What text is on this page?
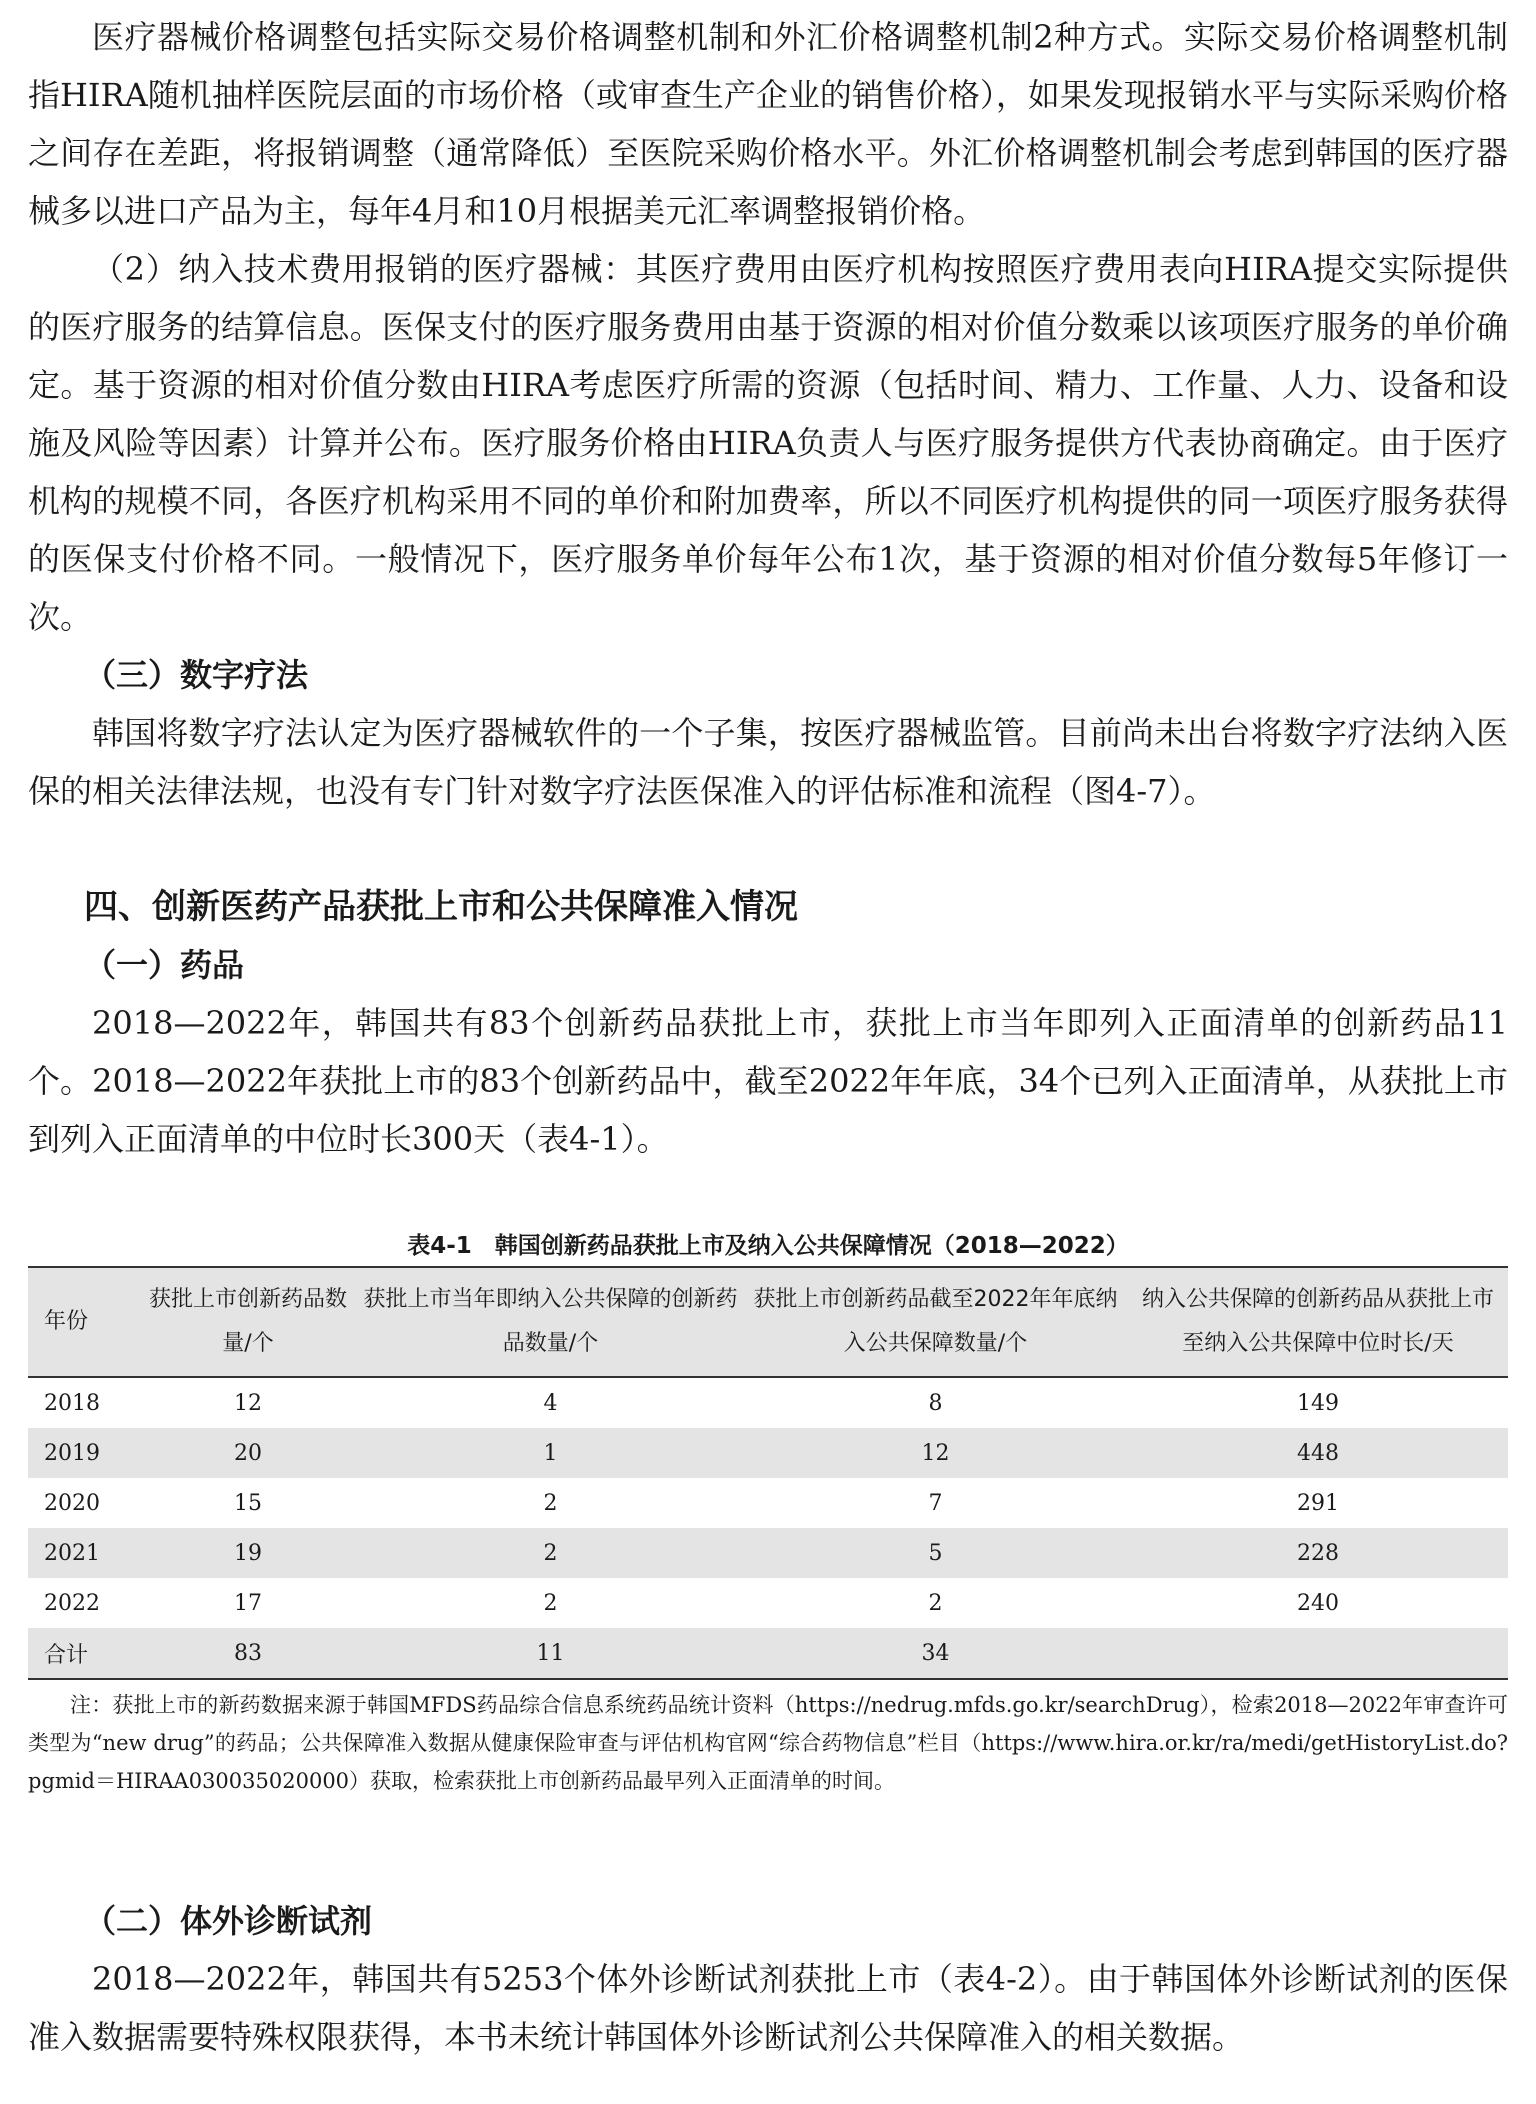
医疗器械价格调整包括实际交易价格调整机制和外汇价格调整机制2种方式。实际交易价格调整机制指HIRA随机抽样医院层面的市场价格（或审查生产企业的销售价格），如果发现报销水平与实际采购价格之间存在差距，将报销调整（通常降低）至医院采购价格水平。外汇价格调整机制会考虑到韩国的医疗器械多以进口产品为主，每年4月和10月根据美元汇率调整报销价格。

（2）纳入技术费用报销的医疗器械：其医疗费用由医疗机构按照医疗费用表向HIRA提交实际提供的医疗服务的结算信息。医保支付的医疗服务费用由基于资源的相对价值分数乘以该项医疗服务的单价确定。基于资源的相对价值分数由HIRA考虑医疗所需的资源（包括时间、精力、工作量、人力、设备和设施及风险等因素）计算并公布。医疗服务价格由HIRA负责人与医疗服务提供方代表协商确定。由于医疗机构的规模不同，各医疗机构采用不同的单价和附加费率，所以不同医疗机构提供的同一项医疗服务获得的医保支付价格不同。一般情况下，医疗服务单价每年公布1次，基于资源的相对价值分数每5年修订一次。

（三）数字疗法

韩国将数字疗法认定为医疗器械软件的一个子集，按医疗器械监管。目前尚未出台将数字疗法纳入医保的相关法律法规，也没有专门针对数字疗法医保准入的评估标准和流程（图4-7）。

四、创新医药产品获批上市和公共保障准入情况
（一）药品

2018—2022年，韩国共有83个创新药品获批上市，获批上市当年即列入正面清单的创新药品11个。2018—2022年获批上市的83个创新药品中，截至2022年年底，34个已列入正面清单，从获批上市到列入正面清单的中位时长300天（表4-1）。

表4-1　韩国创新药品获批上市及纳入公共保障情况（2018—2022）
年份	获批上市创新药品数量/个	获批上市当年即纳入公共保障的创新药品数量/个	获批上市创新药品截至2022年年底纳入公共保障数量/个	纳入公共保障的创新药品从获批上市至纳入公共保障中位时长/天
2018	12	4	8	149
2019	20	1	12	448
2020	15	2	7	291
2021	19	2	5	228
2022	17	2	2	240
合计	83	11	34	

注：获批上市的新药数据来源于韩国MFDS药品综合信息系统药品统计资料（https://nedrug.mfds.go.kr/searchDrug），检索2018—2022年审查许可类型为“new drug”的药品；公共保障准入数据从健康保险审查与评估机构官网“综合药物信息”栏目（https://www.hira.or.kr/ra/medi/getHistoryList.do?pgmid＝HIRAA030035020000）获取，检索获批上市创新药品最早列入正面清单的时间。

（二）体外诊断试剂

2018—2022年，韩国共有5253个体外诊断试剂获批上市（表4-2）。由于韩国体外诊断试剂的医保准入数据需要特殊权限获得，本书未统计韩国体外诊断试剂公共保障准入的相关数据。
